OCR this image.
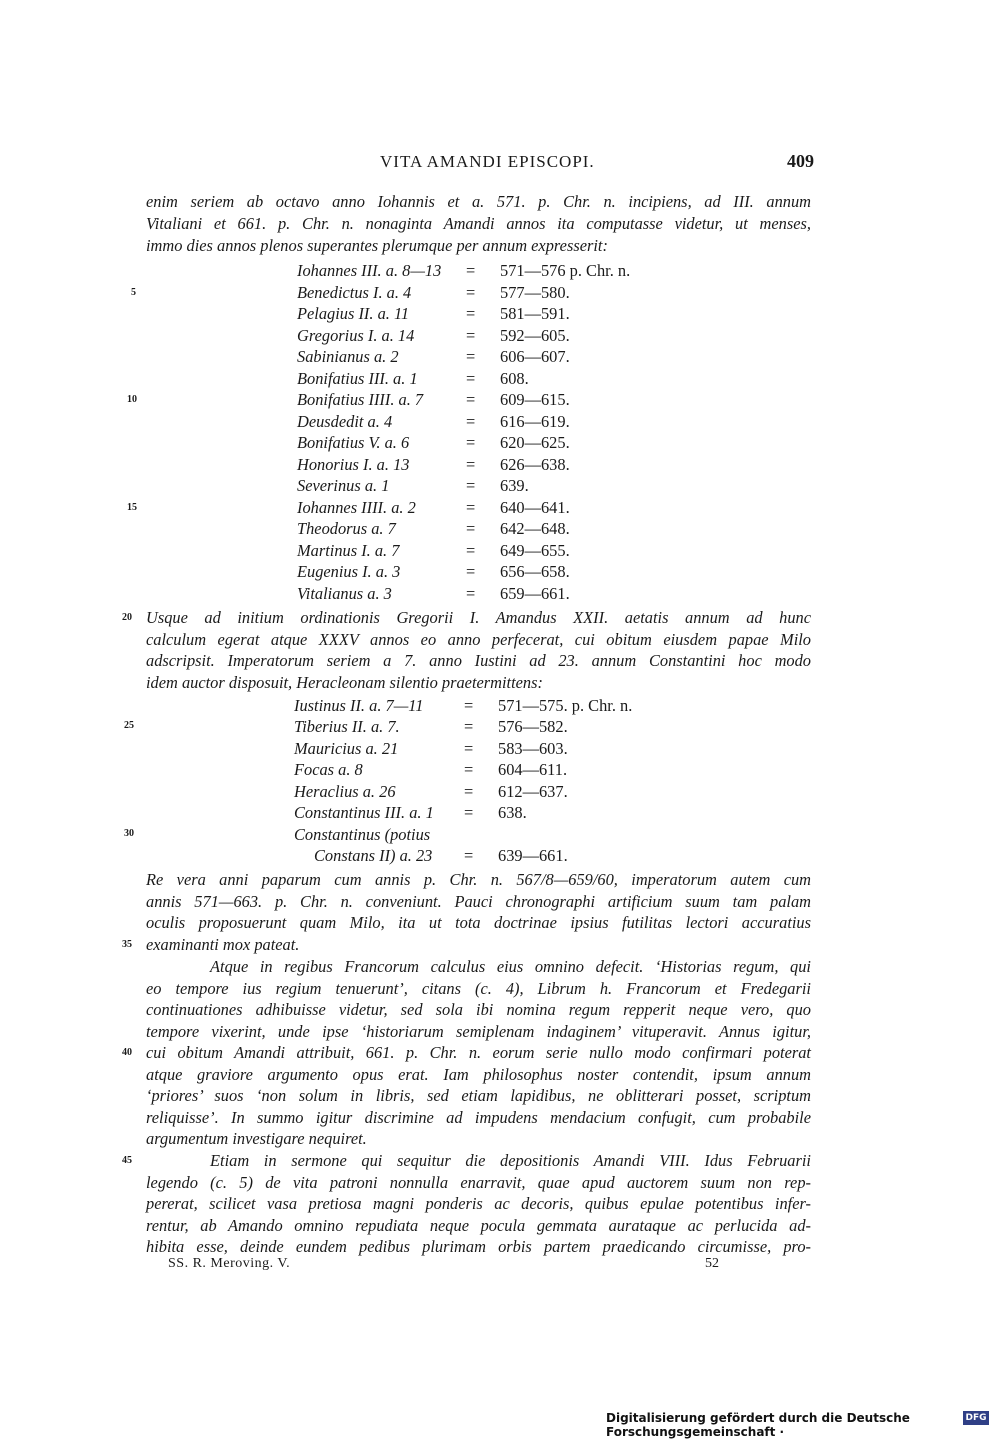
VITA AMANDI EPISCOPI.	409
enim seriem ab octavo anno Iohannis et a. 571. p. Chr. n. incipiens, ad III. annum
Vitaliani et 661. p. Chr. n. nonaginta Amandi annos ita computasse videtur, ut menses,
immo dies annos plenos superantes plerumque per annum expresserit:
Iohannes III. a. 8—13 = 571—576 p. Chr. n.
Benedictus I. a. 4	= 577—580.
Pelagius II. a. 11	= 581—591.
Gregorius I. a. 14	= 592—605.
Sabinianus a. 2	= 606—607.
Bonifatius III. a. 1	= 608.
Bonifatius IIII. a. 7	= 609—615.
Deusdedit a. 4	= 616—619.
Bonifatius V. a. 6	= 620—625.
Honorius I. a. 13	= 626—638.
Severinus a. 1	= 639.
Iohannes IIII. a. 2	= 640—641.
Theodorus a. 7	= 642—648.
Martinus I. a. 7	= 649—655.
Eugenius I. a. 3	= 656—658.
Vitalianus a. 3	= 659—661.
Usque ad initium ordinationis Gregorii I. Amandus XXII. aetatis annum ad hunc
calculum egerat atque XXXV annos eo anno perfecerat, cui obitum eiusdem papae Milo
adscripsit. Imperatorum seriem a 7. anno Iustini ad 23. annum Constantini hoc modo
idem auctor disposuit, Heracleonam silentio praetermittens:
Iustinus II. a. 7—11 = 571—575. p. Chr. n.
Tiberius II. a. 7.	= 576—582.
Mauricius a. 21	= 583—603.
Focas a. 8	= 604—611.
Heraclius a. 26	= 612—637.
Constantinus III. a. 1 = 638.
Constantinus (potius
Constans II) a. 23 = 639—661.
Re vera anni paparum cum annis p. Chr. n. 567/8—659/60, imperatorum autem cum
annis 571—663. p. Chr. n. conveniunt. Pauci chronographi artificium suum tam palam
oculis proposuerunt quam Milo, ita ut tota doctrinae ipsius futilitas lectori accuratius
examinanti mox pateat.
Atque in regibus Francorum calculus eius omnino defecit. ‘Historias regum, qui
eo tempore ius regium tenuerunt’, citans (c. 4), Librum h. Francorum et Fredegarii
continuationes adhibuisse videtur, sed sola ibi nomina regum repperit neque vero, quo
tempore vixerint, unde ipse ‘historiarum semiplenam indaginem’ vituperavit. Annus igitur,
cui obitum Amandi attribuit, 661. p. Chr. n. eorum serie nullo modo confirmari poterat
atque graviore argumento opus erat. Iam philosophus noster contendit, ipsum annum
‘priores’ suos ‘non solum in libris, sed etiam lapidibus, ne oblitterari posset, scriptum
reliquisse’. In summo igitur discrimine ad impudens mendacium confugit, cum probabile
argumentum investigare nequiret.
Etiam in sermone qui sequitur die depositionis Amandi VIII. Idus Februarii
legendo (c. 5) de vita patroni nonnulla enarravit, quae apud auctorem suum non rep-
pererat, scilicet vasa pretiosa magni ponderis ac decoris, quibus epulae potentibus infer-
rentur, ab Amando omnino repudiata neque pocula gemmata aurataque ac perlucida ad-
hibita esse, deinde eundem pedibus plurimam orbis partem praedicando circumisse, pro-
5
10
15
20
25
30
35
40
45
SS. R. Meroving. V.	52
Digitalisierung gefördert durch die Deutsche Forschungsgemeinschaft ·
DFG
